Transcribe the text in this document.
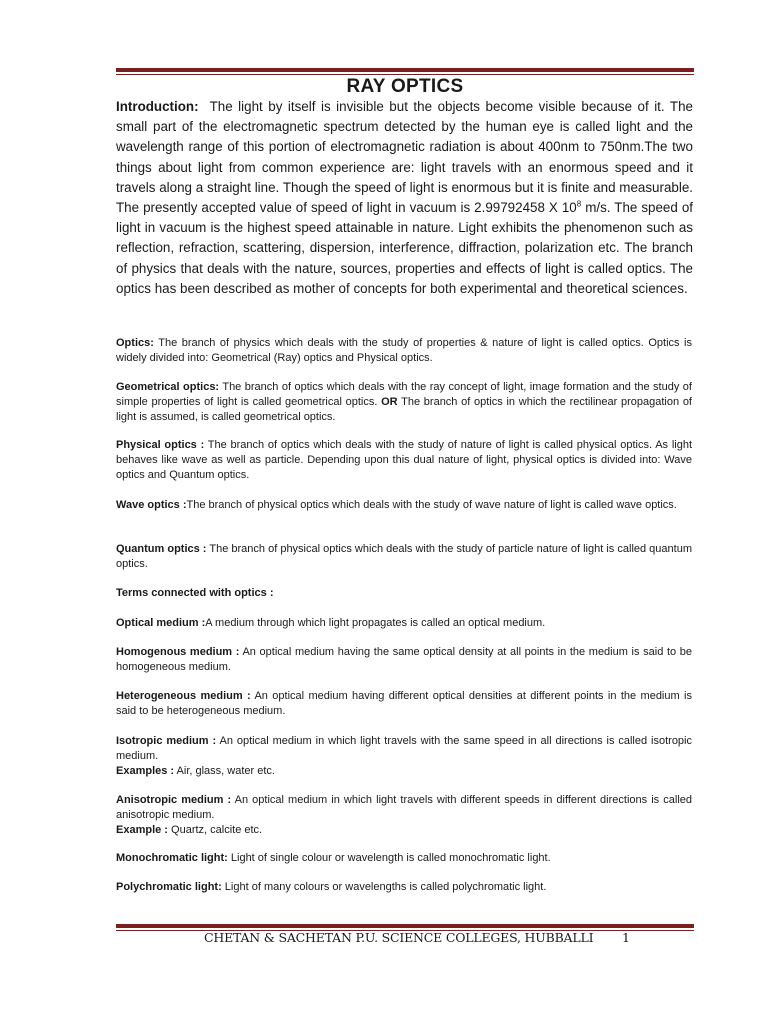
RAY OPTICS
Introduction: The light by itself is invisible but the objects become visible because of it. The small part of the electromagnetic spectrum detected by the human eye is called light and the wavelength range of this portion of electromagnetic radiation is about 400nm to 750nm.The two things about light from common experience are: light travels with an enormous speed and it travels along a straight line. Though the speed of light is enormous but it is finite and measurable. The presently accepted value of speed of light in vacuum is 2.99792458 X $10^8$ m/s. The speed of light in vacuum is the highest speed attainable in nature. Light exhibits the phenomenon such as reflection, refraction, scattering, dispersion, interference, diffraction, polarization etc. The branch of physics that deals with the nature, sources, properties and effects of light is called optics. The optics has been described as mother of concepts for both experimental and theoretical sciences.
Optics: The branch of physics which deals with the study of properties & nature of light is called optics. Optics is widely divided into: Geometrical (Ray) optics and Physical optics.
Geometrical optics: The branch of optics which deals with the ray concept of light, image formation and the study of simple properties of light is called geometrical optics. OR The branch of optics in which the rectilinear propagation of light is assumed, is called geometrical optics.
Physical optics : The branch of optics which deals with the study of nature of light is called physical optics. As light behaves like wave as well as particle. Depending upon this dual nature of light, physical optics is divided into: Wave optics and Quantum optics.
Wave optics :The branch of physical optics which deals with the study of wave nature of light is called wave optics.
Quantum optics : The branch of physical optics which deals with the study of particle nature of light is called quantum optics.
Terms connected with optics :
Optical medium :A medium through which light propagates is called an optical medium.
Homogenous medium : An optical medium having the same optical density at all points in the medium is said to be homogeneous medium.
Heterogeneous medium : An optical medium having different optical densities at different points in the medium is said to be heterogeneous medium.
Isotropic medium : An optical medium in which light travels with the same speed in all directions is called isotropic medium.
Examples : Air, glass, water etc.
Anisotropic medium : An optical medium in which light travels with different speeds in different directions is called anisotropic medium.
Example : Quartz, calcite etc.
Monochromatic light: Light of single colour or wavelength is called monochromatic light.
Polychromatic light: Light of many colours or wavelengths is called polychromatic light.
CHETAN & SACHETAN P.U. SCIENCE COLLEGES, HUBBALLI 1
